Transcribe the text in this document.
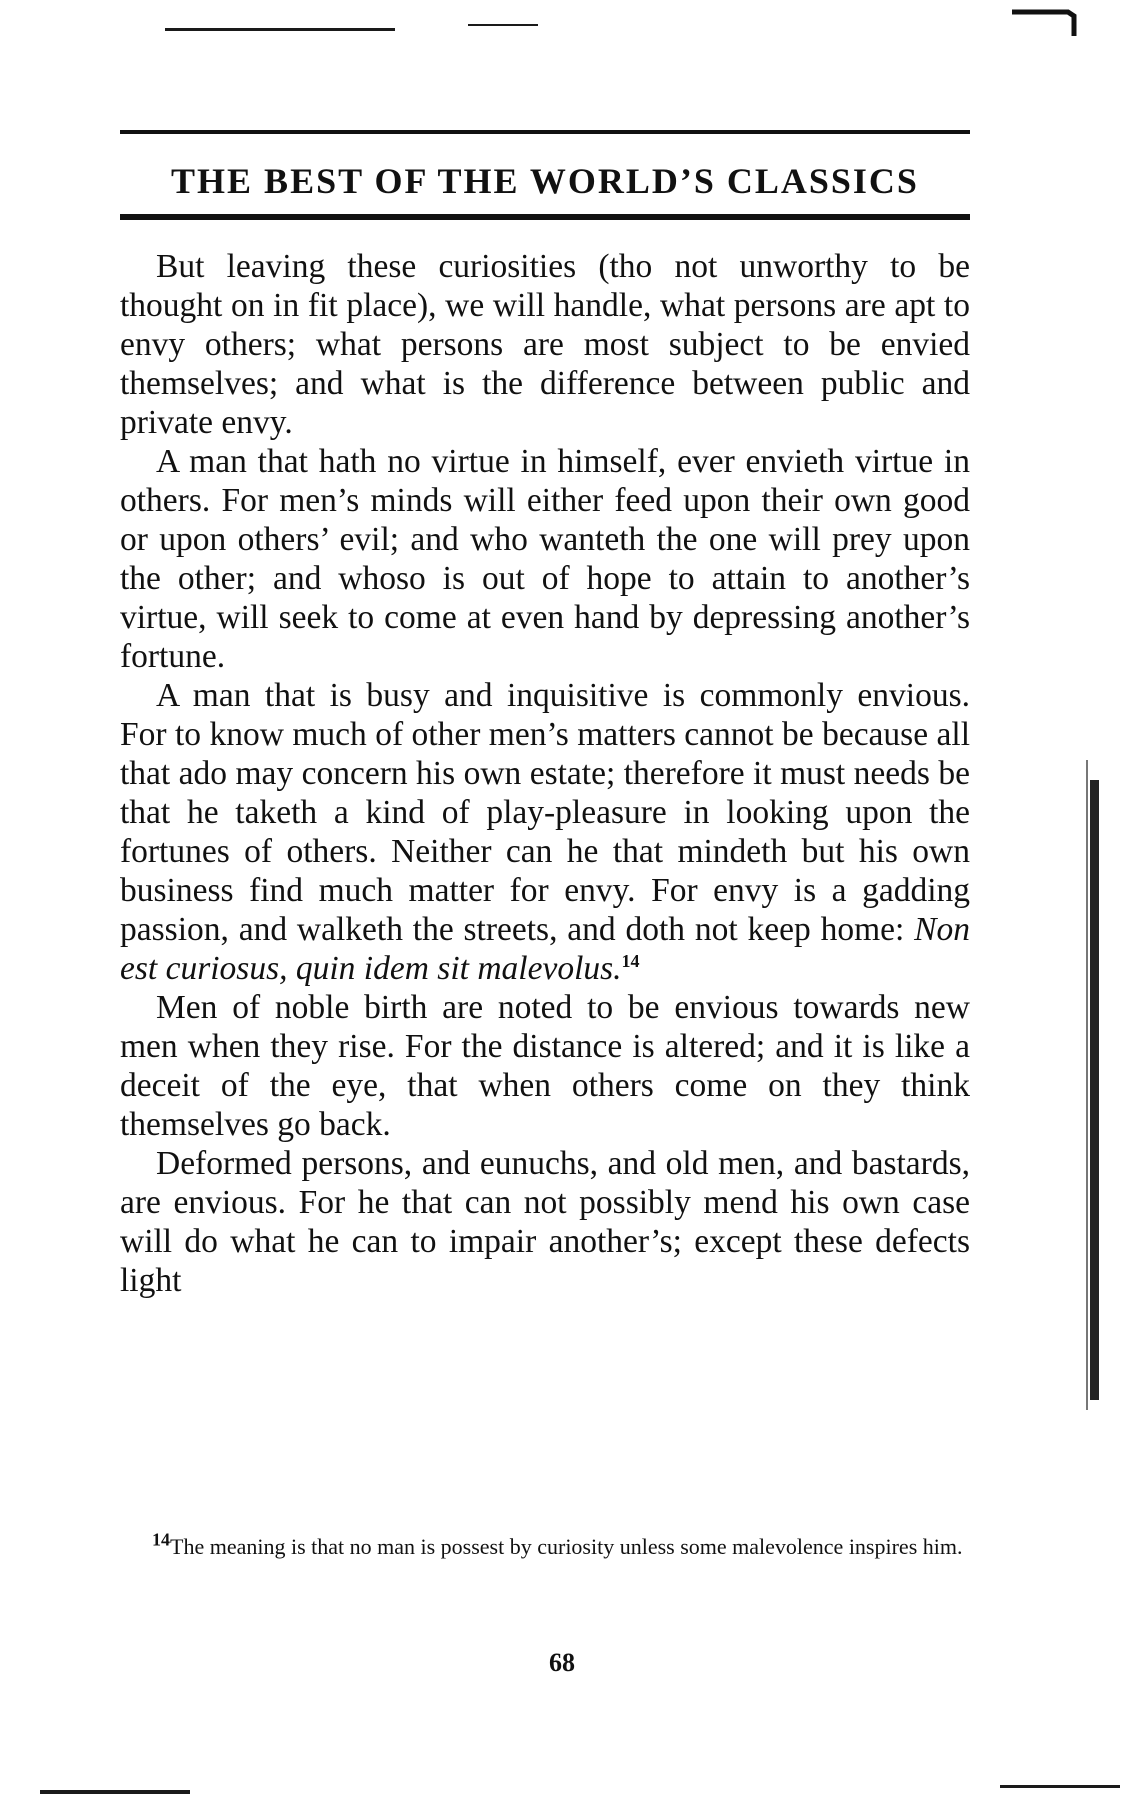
THE BEST OF THE WORLD’S CLASSICS

But leaving these curiosities (tho not unworthy to be thought on in fit place), we will handle, what persons are apt to envy others; what persons are most subject to be envied themselves; and what is the difference between public and private envy.

A man that hath no virtue in himself, ever envieth virtue in others. For men’s minds will either feed upon their own good or upon others’ evil; and who wanteth the one will prey upon the other; and whoso is out of hope to attain to another’s virtue, will seek to come at even hand by depressing another’s fortune.

A man that is busy and inquisitive is commonly envious. For to know much of other men’s matters cannot be because all that ado may concern his own estate; therefore it must needs be that he taketh a kind of play-pleasure in looking upon the fortunes of others. Neither can he that mindeth but his own business find much matter for envy. For envy is a gadding passion, and walketh the streets, and doth not keep home: Non est curiosus, quin idem sit malevolus.$^{14}$

Men of noble birth are noted to be envious towards new men when they rise. For the distance is altered; and it is like a deceit of the eye, that when others come on they think themselves go back.

Deformed persons, and eunuchs, and old men, and bastards, are envious. For he that can not possibly mend his own case will do what he can to impair another’s; except these defects light

$^{14}$The meaning is that no man is possest by curiosity unless some malevolence inspires him.
68
